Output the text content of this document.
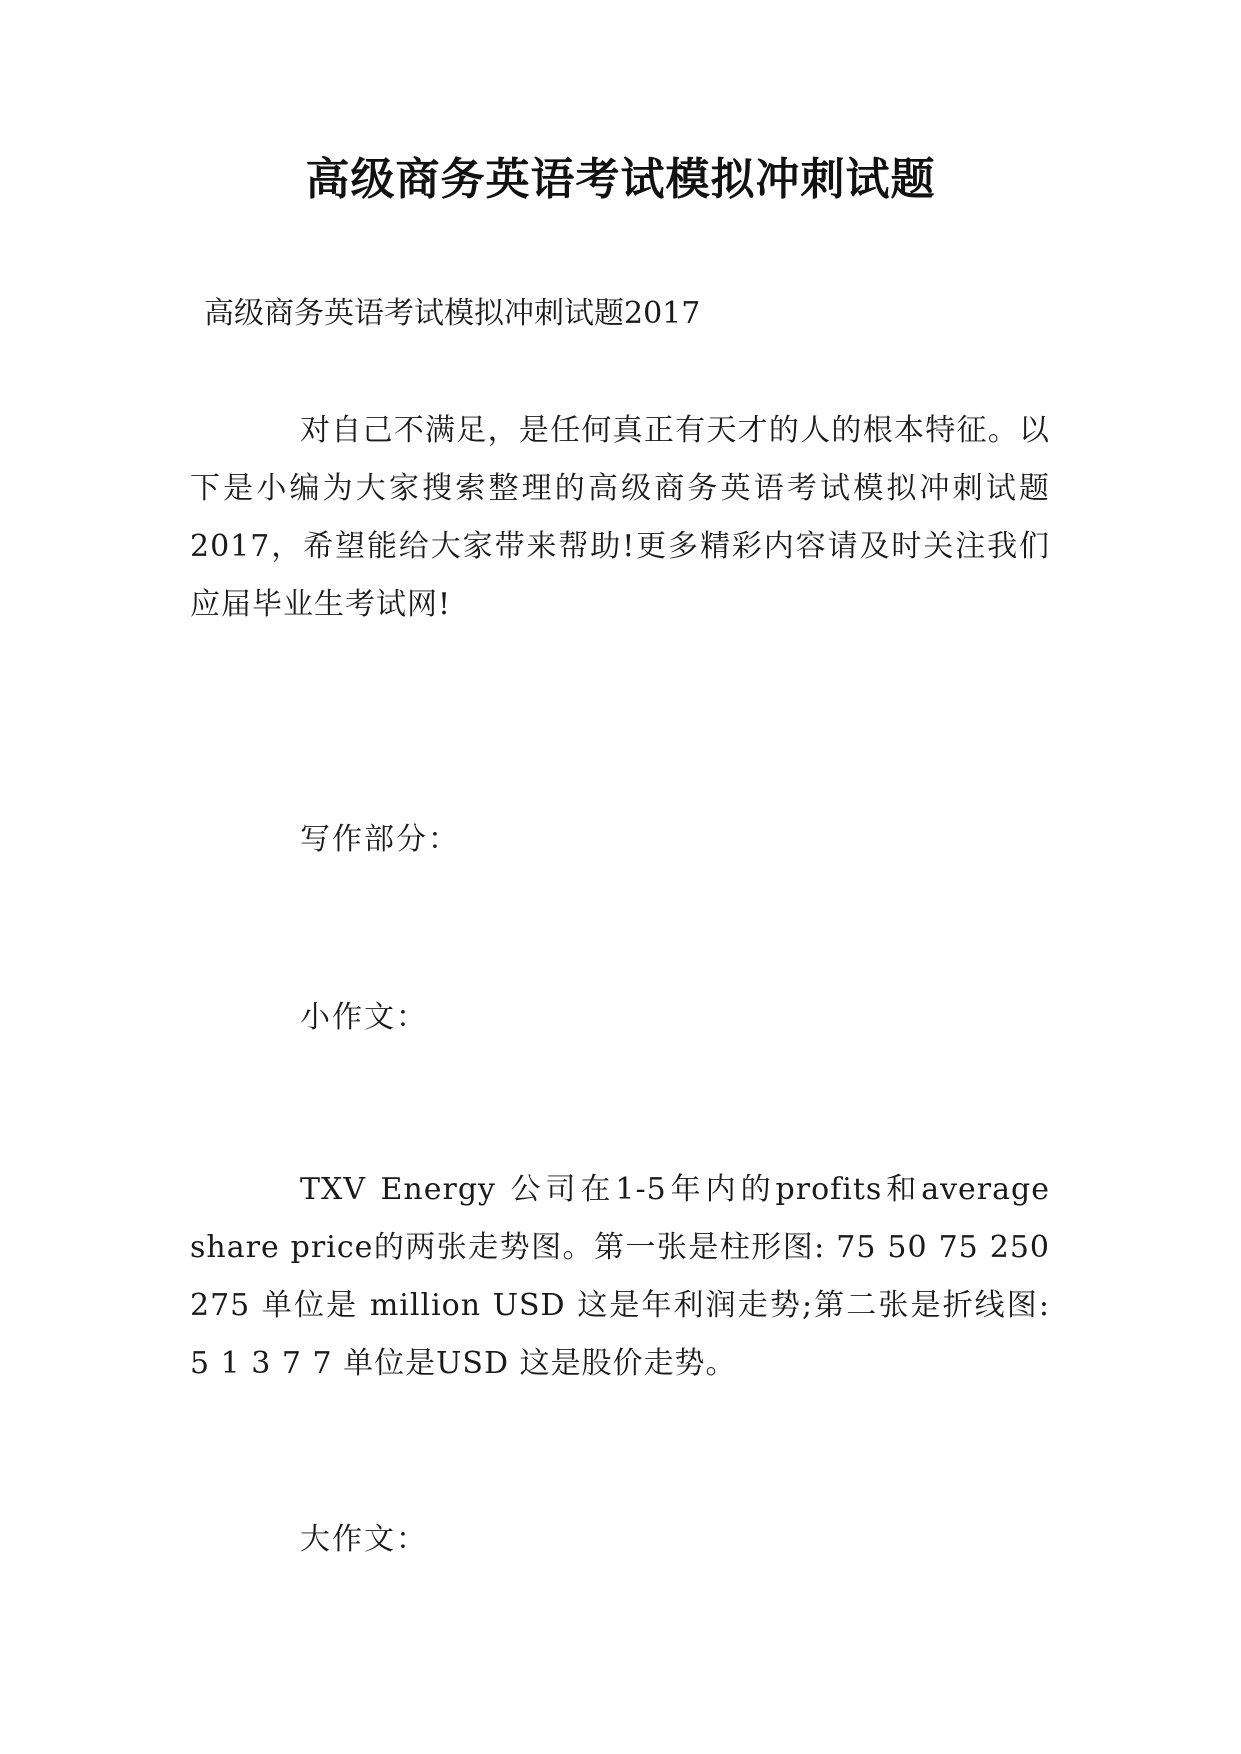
高级商务英语考试模拟冲刺试题
高级商务英语考试模拟冲刺试题2017
对自己不满足，是任何真正有天才的人的根本特征。以下是小编为大家搜索整理的高级商务英语考试模拟冲刺试题2017，希望能给大家带来帮助!更多精彩内容请及时关注我们应届毕业生考试网!
写作部分：
小作文：
TXV Energy 公司在1-5年内的profits和average share price的两张走势图。第一张是柱形图: 75 50 75 250 275 单位是 million USD 这是年利润走势;第二张是折线图: 5 1 3 7 7 单位是USD 这是股价走势。
大作文：
